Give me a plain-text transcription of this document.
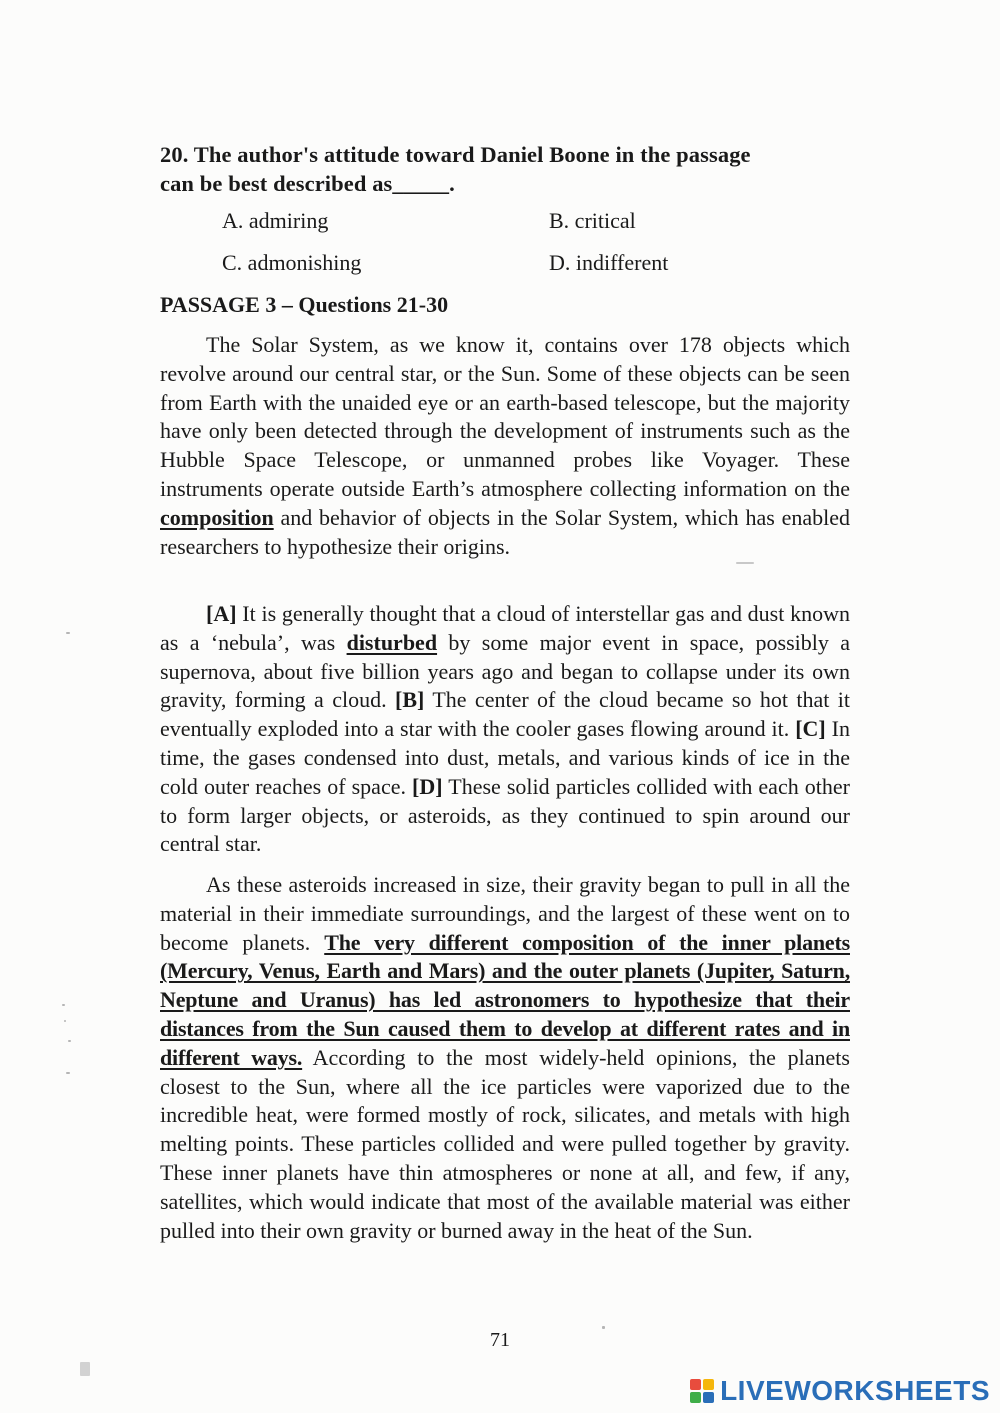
20. The author's attitude toward Daniel Boone in the passage
can be best described as_____.
A. admiring	B. critical
C. admonishing	D. indifferent
PASSAGE 3 – Questions 21-30

The Solar System, as we know it, contains over 178 objects which revolve around our central star, or the Sun. Some of these objects can be seen from Earth with the unaided eye or an earth-based telescope, but the majority have only been detected through the development of instruments such as the Hubble Space Telescope, or unmanned probes like Voyager. These instruments operate outside Earth’s atmosphere collecting information on the composition and behavior of objects in the Solar System, which has enabled researchers to hypothesize their origins.

[A] It is generally thought that a cloud of interstellar gas and dust known as a ‘nebula’, was disturbed by some major event in space, possibly a supernova, about five billion years ago and began to collapse under its own gravity, forming a cloud. [B] The center of the cloud became so hot that it eventually exploded into a star with the cooler gases flowing around it. [C] In time, the gases condensed into dust, metals, and various kinds of ice in the cold outer reaches of space. [D] These solid particles collided with each other to form larger objects, or asteroids, as they continued to spin around our central star.

As these asteroids increased in size, their gravity began to pull in all the material in their immediate surroundings, and the largest of these went on to become planets. The very different composition of the inner planets (Mercury, Venus, Earth and Mars) and the outer planets (Jupiter, Saturn, Neptune and Uranus) has led astronomers to hypothesize that their distances from the Sun caused them to develop at different rates and in different ways. According to the most widely-held opinions, the planets closest to the Sun, where all the ice particles were vaporized due to the incredible heat, were formed mostly of rock, silicates, and metals with high melting points. These particles collided and were pulled together by gravity. These inner planets have thin atmospheres or none at all, and few, if any, satellites, which would indicate that most of the available material was either pulled into their own gravity or burned away in the heat of the Sun.

71
LIVEWORKSHEETS
